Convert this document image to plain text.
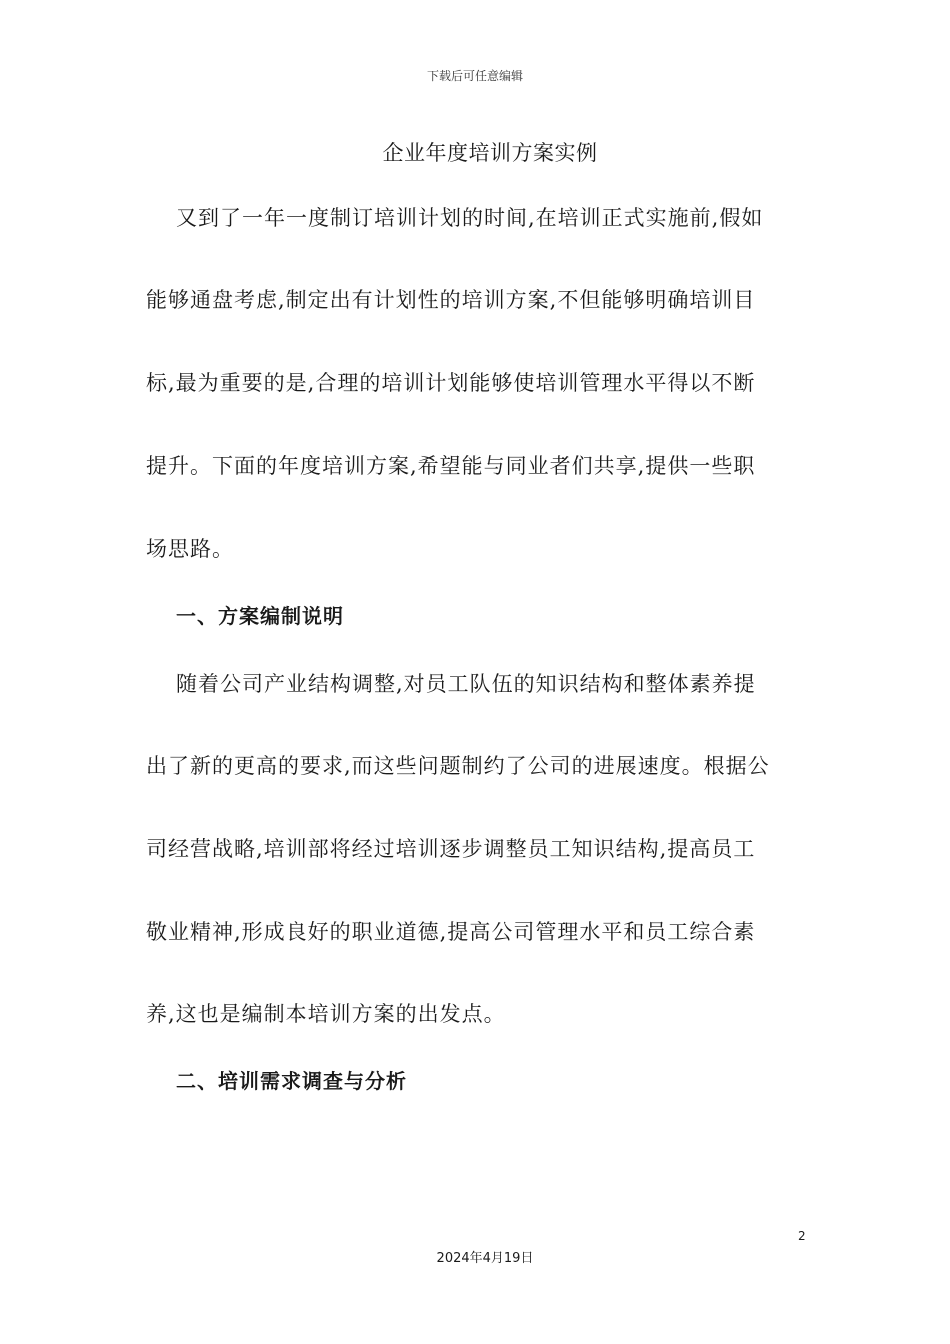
下载后可任意编辑
企业年度培训方案实例
又到了一年一度制订培训计划的时间,在培训正式实施前,假如
能够通盘考虑,制定出有计划性的培训方案,不但能够明确培训目
标,最为重要的是,合理的培训计划能够使培训管理水平得以不断
提升。下面的年度培训方案,希望能与同业者们共享,提供一些职
场思路。
一、方案编制说明
随着公司产业结构调整,对员工队伍的知识结构和整体素养提
出了新的更高的要求,而这些问题制约了公司的进展速度。根据公
司经营战略,培训部将经过培训逐步调整员工知识结构,提高员工
敬业精神,形成良好的职业道德,提高公司管理水平和员工综合素
养,这也是编制本培训方案的出发点。
二、培训需求调查与分析
2
2024年4月19日
